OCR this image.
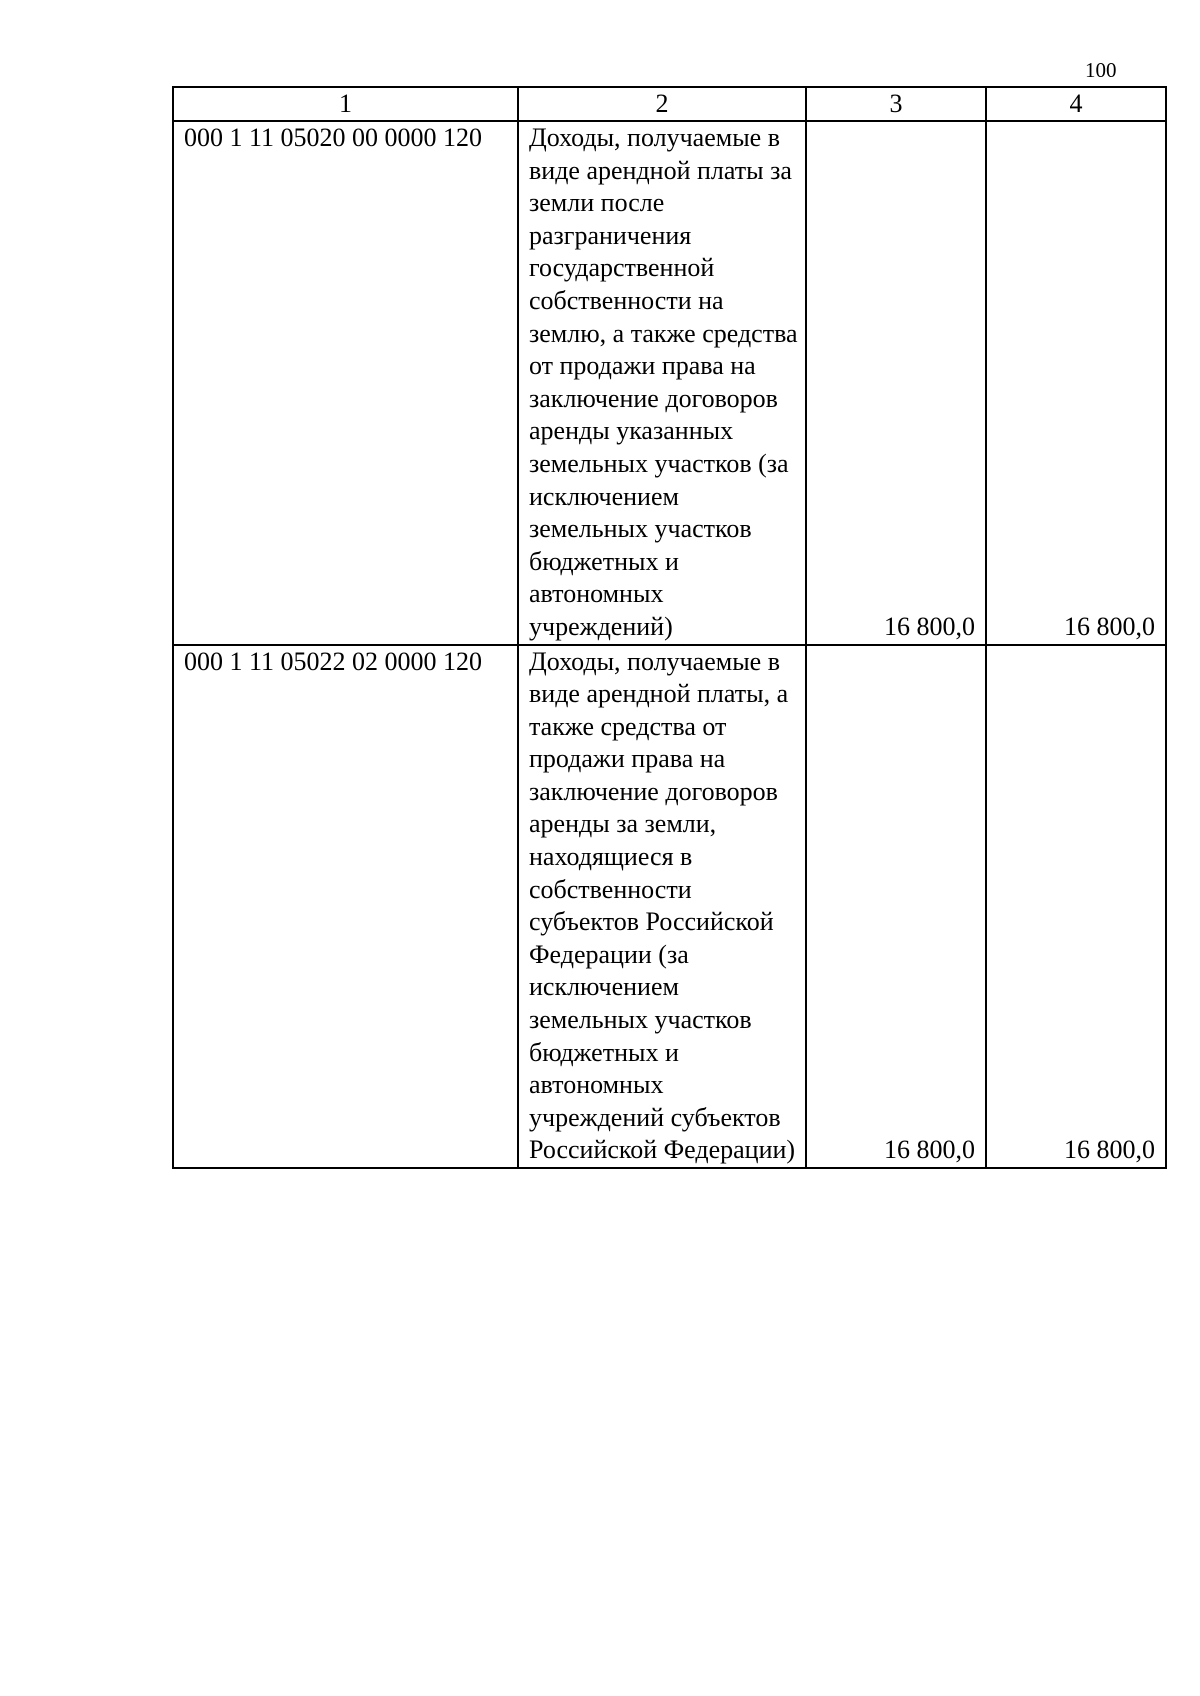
100
1	2	3	4
000 1 11 05020 00 0000 120	Доходы, получаемые в виде арендной платы за земли после разграничения государственной собственности на землю, а также средства от продажи права на заключение договоров аренды указанных земельных участков (за исключением земельных участков бюджетных и автономных учреждений)	16 800,0	16 800,0
000 1 11 05022 02 0000 120	Доходы, получаемые в виде арендной платы, а также средства от продажи права на заключение договоров аренды за земли, находящиеся в собственности субъектов Российской Федерации (за исключением земельных участков бюджетных и автономных учреждений субъектов Российской Федерации)	16 800,0	16 800,0
